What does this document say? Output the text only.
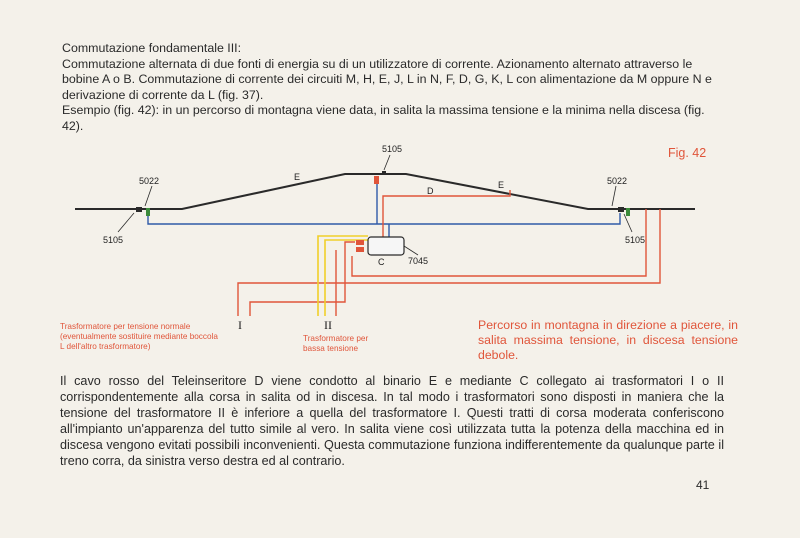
Commutazione fondamentale III:

Commutazione alternata di due fonti di energia su di un utilizzatore di corrente. Azionamento alternato attraverso le bobine A o B. Commutazione di corrente dei circuiti M, H, E, J, L in N, F, D, G, K, L con alimentazione da M oppure N e derivazione di corrente da L (fig. 37).

Esempio (fig. 42): in un percorso di montagna viene data, in salita la massima tensione e la minima nella discesa (fig. 42).

Fig. 42
5105
5022	5022
5105	5105
E
E
D
C	7045
I	II
Trasformatore per tensione normale (eventualmente sostituire mediante boccola L dell'altro trasformatore)
Trasformatore per bassa tensione
Percorso in montagna in direzione a piacere, in salita massima tensione, in discesa tensione debole.

Il cavo rosso del Teleinseritore D viene condotto al binario E e mediante C collegato ai trasformatori I o II corrispondentemente alla corsa in salita od in discesa. In tal modo i trasformatori sono disposti in maniera che la tensione del trasformatore II è inferiore a quella del trasformatore I. Questi tratti di corsa moderata conferiscono all'impianto un'apparenza del tutto simile al vero. In salita viene così utilizzata tutta la potenza della macchina ed in discesa vengono evitati possibili inconvenienti. Questa commutazione funziona indifferentemente da qualunque parte il treno corra, da sinistra verso destra ed al contrario.

41
